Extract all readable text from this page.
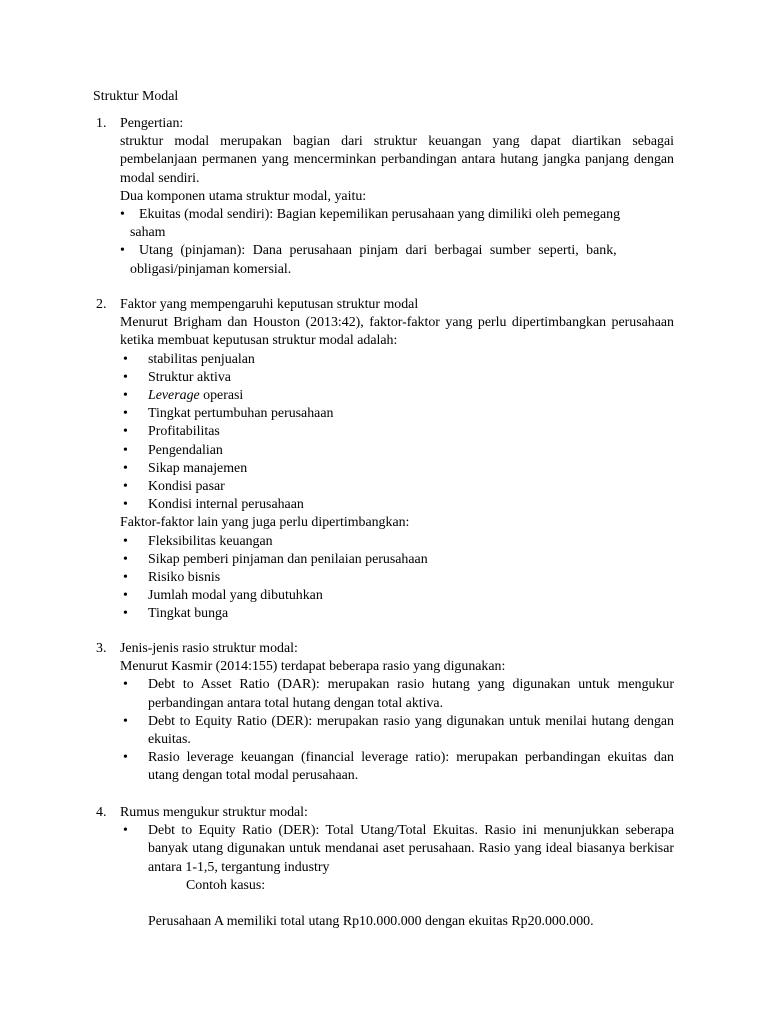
Struktur Modal
1. Pengertian:

struktur modal merupakan bagian dari struktur keuangan yang dapat diartikan sebagai pembelanjaan permanen yang mencerminkan perbandingan antara hutang jangka panjang dengan modal sendiri.

Dua komponen utama struktur modal, yaitu:

• Ekuitas (modal sendiri): Bagian kepemilikan perusahaan yang dimiliki oleh pemegang
saham
• Utang (pinjaman): Dana perusahaan pinjam dari berbagai sumber seperti, bank,
obligasi/pinjaman komersial.
2. Faktor yang mempengaruhi keputusan struktur modal

Menurut Brigham dan Houston (2013:42), faktor-faktor yang perlu dipertimbangkan perusahaan ketika membuat keputusan struktur modal adalah:

• stabilitas penjualan
• Struktur aktiva
• Leverage operasi
• Tingkat pertumbuhan perusahaan
• Profitabilitas
• Pengendalian
• Sikap manajemen
• Kondisi pasar
• Kondisi internal perusahaan

Faktor-faktor lain yang juga perlu dipertimbangkan:

• Fleksibilitas keuangan
• Sikap pemberi pinjaman dan penilaian perusahaan
• Risiko bisnis
• Jumlah modal yang dibutuhkan
• Tingkat bunga
3. Jenis-jenis rasio struktur modal:

Menurut Kasmir (2014:155) terdapat beberapa rasio yang digunakan:

• Debt to Asset Ratio (DAR): merupakan rasio hutang yang digunakan untuk mengukur perbandingan antara total hutang dengan total aktiva.
• Debt to Equity Ratio (DER): merupakan rasio yang digunakan untuk menilai hutang dengan ekuitas.
• Rasio leverage keuangan (financial leverage ratio): merupakan perbandingan ekuitas dan utang dengan total modal perusahaan.
4. Rumus mengukur struktur modal:

• Debt to Equity Ratio (DER): Total Utang/Total Ekuitas. Rasio ini menunjukkan seberapa banyak utang digunakan untuk mendanai aset perusahaan. Rasio yang ideal biasanya berkisar antara 1-1,5, tergantung industry

Contoh kasus:

Perusahaan A memiliki total utang Rp10.000.000 dengan ekuitas Rp20.000.000.
